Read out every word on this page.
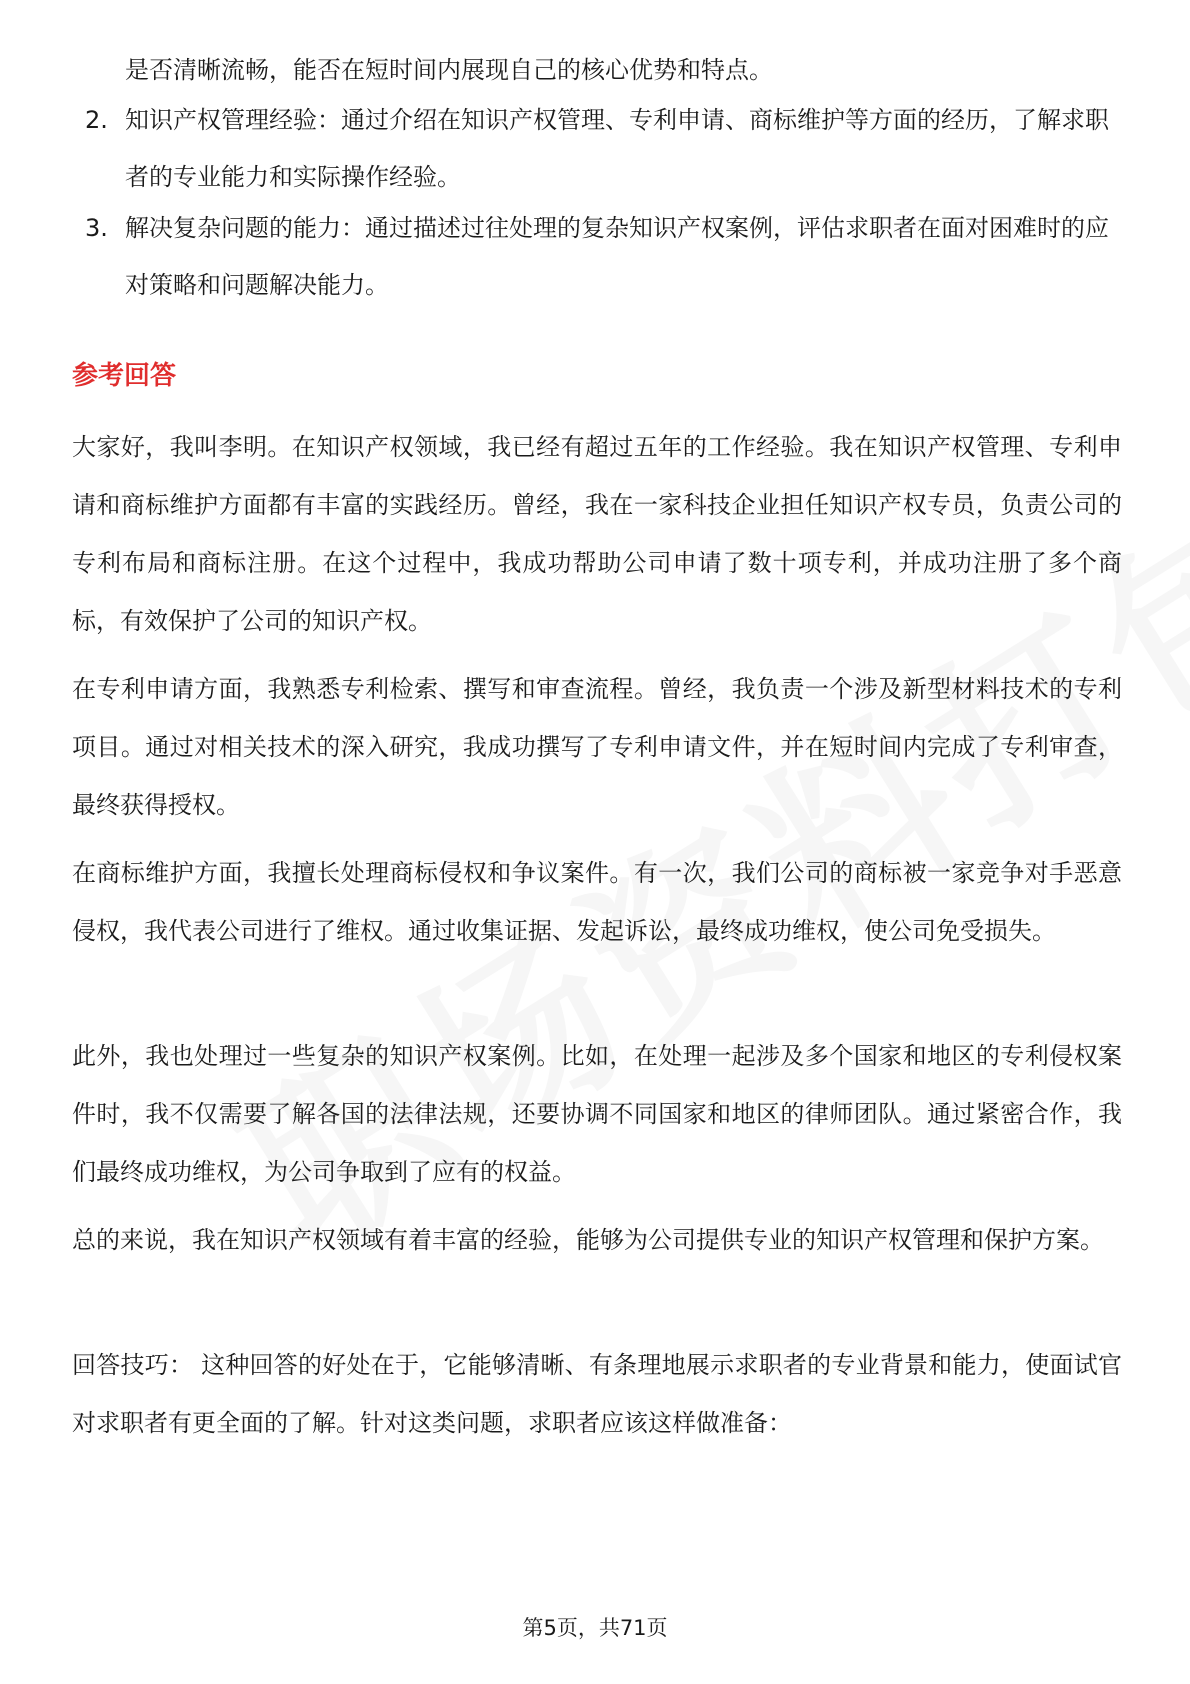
是否清晰流畅，能否在短时间内展现自己的核心优势和特点。
2. 知识产权管理经验：通过介绍在知识产权管理、专利申请、商标维护等方面的经历，了解求职者的专业能力和实际操作经验。
3. 解决复杂问题的能力：通过描述过往处理的复杂知识产权案例，评估求职者在面对困难时的应对策略和问题解决能力。
参考回答
大家好，我叫李明。在知识产权领域，我已经有超过五年的工作经验。我在知识产权管理、专利申请和商标维护方面都有丰富的实践经历。曾经，我在一家科技企业担任知识产权专员，负责公司的专利布局和商标注册。在这个过程中，我成功帮助公司申请了数十项专利，并成功注册了多个商标，有效保护了公司的知识产权。
在专利申请方面，我熟悉专利检索、撰写和审查流程。曾经，我负责一个涉及新型材料技术的专利项目。通过对相关技术的深入研究，我成功撰写了专利申请文件，并在短时间内完成了专利审查，最终获得授权。
在商标维护方面，我擅长处理商标侵权和争议案件。有一次，我们公司的商标被一家竞争对手恶意侵权，我代表公司进行了维权。通过收集证据、发起诉讼，最终成功维权，使公司免受损失。
此外，我也处理过一些复杂的知识产权案例。比如，在处理一起涉及多个国家和地区的专利侵权案件时，我不仅需要了解各国的法律法规，还要协调不同国家和地区的律师团队。通过紧密合作，我们最终成功维权，为公司争取到了应有的权益。
总的来说，我在知识产权领域有着丰富的经验，能够为公司提供专业的知识产权管理和保护方案。
回答技巧： 这种回答的好处在于，它能够清晰、有条理地展示求职者的专业背景和能力，使面试官对求职者有更全面的了解。针对这类问题，求职者应该这样做准备：
第5页，共71页
